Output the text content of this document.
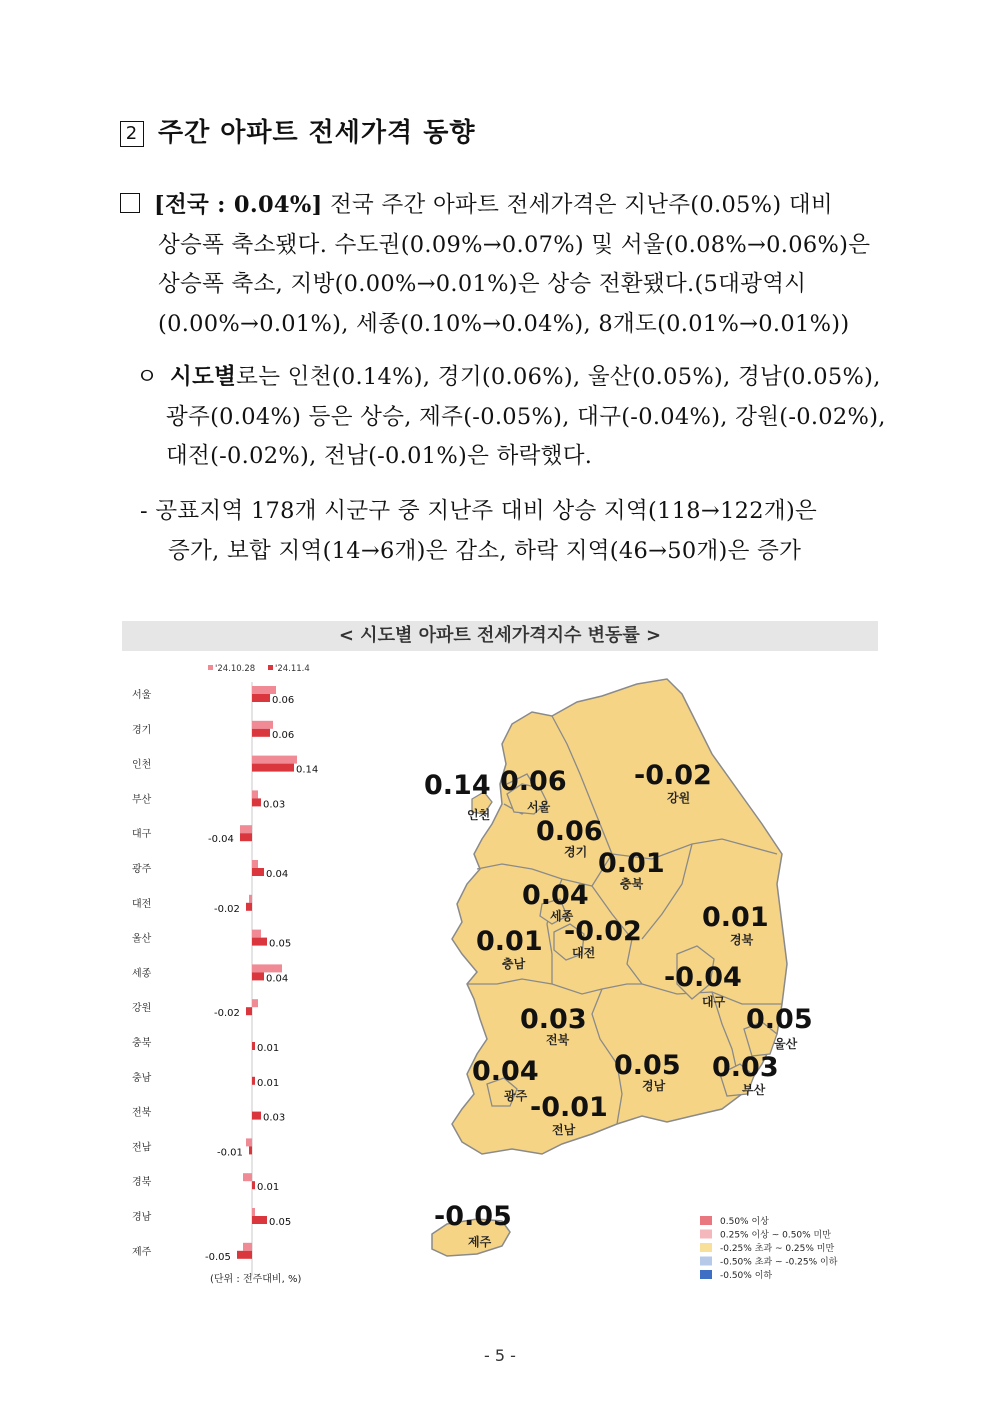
2 주간 아파트 전세가격 동향
[전국 : 0.04%] 전국 주간 아파트 전세가격은 지난주(0.05%) 대비
상승폭 축소됐다. 수도권(0.09%→0.07%) 및 서울(0.08%→0.06%)은
상승폭 축소, 지방(0.00%→0.01%)은 상승 전환됐다.(5대광역시
(0.00%→0.01%), 세종(0.10%→0.04%), 8개도(0.01%→0.01%))
ㅇ 시도별로는 인천(0.14%), 경기(0.06%), 울산(0.05%), 경남(0.05%),
광주(0.04%) 등은 상승, 제주(-0.05%), 대구(-0.04%), 강원(-0.02%),
대전(-0.02%), 전남(-0.01%)은 하락했다.
- 공표지역 178개 시군구 중 지난주 대비 상승 지역(118→122개)은
증가, 보합 지역(14→6개)은 감소, 하락 지역(46→50개)은 증가
< 시도별 아파트 전세가격지수 변동률 >
'24.10.28 '24.11.4
서울	0.06
경기	0.06
인천	0.14
부산	0.03
대구	-0.04
광주	0.04
대전	-0.02
울산	0.05
세종	0.04
강원	-0.02
충북	0.01
충남	0.01
전북	0.03
전남	-0.01
경북	0.01
경남	0.05
제주	-0.05
(단위 : 전주대비, %)
0.14
인천
0.06
서울
-0.02
강원
0.06
경기 0.01
충북
0.04
세종
-0.02
대전
0.01
경북
0.01
충남	-0.04
대구
0.05
울산
0.03
전북
0.04
광주
0.05
경남
0.03
부산
-0.01
전남
-0.05
제주
0.50% 이상
0.25% 이상 ~ 0.50% 미만
-0.25% 초과 ~ 0.25% 미만
-0.50% 초과 ~ -0.25% 이하
-0.50% 이하
- 5 -
